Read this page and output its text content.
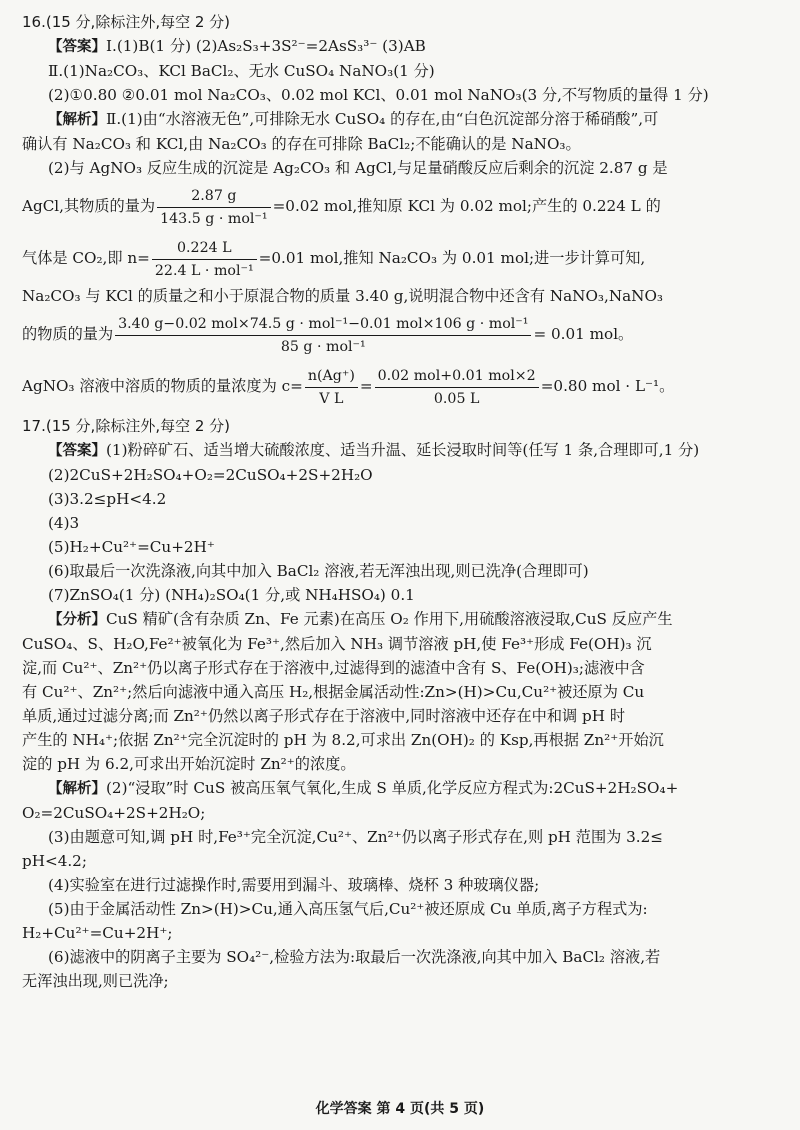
16.(15 分,除标注外,每空 2 分)

【答案】Ⅰ.(1)B(1 分) (2)As₂S₃+3S²⁻=2AsS₃³⁻ (3)AB

Ⅱ.(1)Na₂CO₃、KCl BaCl₂、无水 CuSO₄ NaNO₃(1 分)

(2)①0.80 ②0.01 mol Na₂CO₃、0.02 mol KCl、0.01 mol NaNO₃(3 分,不写物质的量得 1 分)

【解析】Ⅱ.(1)由“水溶液无色”,可排除无水 CuSO₄ 的存在,由“白色沉淀部分溶于稀硝酸”,可

确认有 Na₂CO₃ 和 KCl,由 Na₂CO₃ 的存在可排除 BaCl₂;不能确认的是 NaNO₃。

(2)与 AgNO₃ 反应生成的沉淀是 Ag₂CO₃ 和 AgCl,与足量硝酸反应后剩余的沉淀 2.87 g 是

AgCl,其物质的量为 $\frac{2.87 g}{\text{143.5 g · mol⁻¹}} =0.02$ mol,推知原 KCl 为 0.02 mol;产生的 0.224 L 的

气体是 CO₂,即 $n= \frac{0.224 L}{\text{22.4 L · mol⁻¹}} =0.01$ mol,推知 Na₂CO₃ 为 0.01 mol;进一步计算可知,

Na₂CO₃ 与 KCl 的质量之和小于原混合物的质量 3.40 g,说明混合物中还含有 NaNO₃,NaNO₃

的物质的量为 $\frac{\text{3.40 g−0.02 mol×74.5 g · mol⁻¹−0.01 mol×106 g · mol⁻¹}}{\text{85 g · mol⁻¹}} = 0.01$ mol。

AgNO₃ 溶液中溶质的物质的量浓度为 $c= \frac{n(Ag^+)}{\text{V L}} = \frac{\text{0.02 mol+0.01 mol×2}}{0.05 L} =0.80$ mol · L⁻¹。

17.(15 分,除标注外,每空 2 分)

【答案】(1)粉碎矿石、适当增大硫酸浓度、适当升温、延长浸取时间等(任写 1 条,合理即可,1 分)

(2)2CuS+2H₂SO₄+O₂=2CuSO₄+2S+2H₂O

(3)3.2≤pH<4.2

(4)3

(5)H₂+Cu²⁺=Cu+2H⁺

(6)取最后一次洗涤液,向其中加入 BaCl₂ 溶液,若无浑浊出现,则已洗净(合理即可)

(7)ZnSO₄(1 分) (NH₄)₂SO₄(1 分,或 NH₄HSO₄) 0.1

【分析】CuS 精矿(含有杂质 Zn、Fe 元素)在高压 O₂ 作用下,用硫酸溶液浸取,CuS 反应产生

CuSO₄、S、H₂O,Fe²⁺被氧化为 Fe³⁺,然后加入 NH₃ 调节溶液 pH,使 Fe³⁺形成 Fe(OH)₃ 沉

淀,而 Cu²⁺、Zn²⁺仍以离子形式存在于溶液中,过滤得到的滤渣中含有 S、Fe(OH)₃;滤液中含

有 Cu²⁺、Zn²⁺;然后向滤液中通入高压 H₂,根据金属活动性:Zn>(H)>Cu,Cu²⁺被还原为 Cu

单质,通过过滤分离;而 Zn²⁺仍然以离子形式存在于溶液中,同时溶液中还存在中和调 pH 时

产生的 NH₄⁺;依据 Zn²⁺完全沉淀时的 pH 为 8.2,可求出 Zn(OH)₂ 的 Ksp,再根据 Zn²⁺开始沉

淀的 pH 为 6.2,可求出开始沉淀时 Zn²⁺的浓度。

【解析】(2)“浸取”时 CuS 被高压氧气氧化,生成 S 单质,化学反应方程式为:2CuS+2H₂SO₄+

O₂=2CuSO₄+2S+2H₂O;

(3)由题意可知,调 pH 时,Fe³⁺完全沉淀,Cu²⁺、Zn²⁺仍以离子形式存在,则 pH 范围为 3.2≤

pH<4.2;

(4)实验室在进行过滤操作时,需要用到漏斗、玻璃棒、烧杯 3 种玻璃仪器;

(5)由于金属活动性 Zn>(H)>Cu,通入高压氢气后,Cu²⁺被还原成 Cu 单质,离子方程式为:

H₂+Cu²⁺=Cu+2H⁺;

(6)滤液中的阴离子主要为 SO₄²⁻,检验方法为:取最后一次洗涤液,向其中加入 BaCl₂ 溶液,若

无浑浊出现,则已洗净;

化学答案 第 4 页(共 5 页)
